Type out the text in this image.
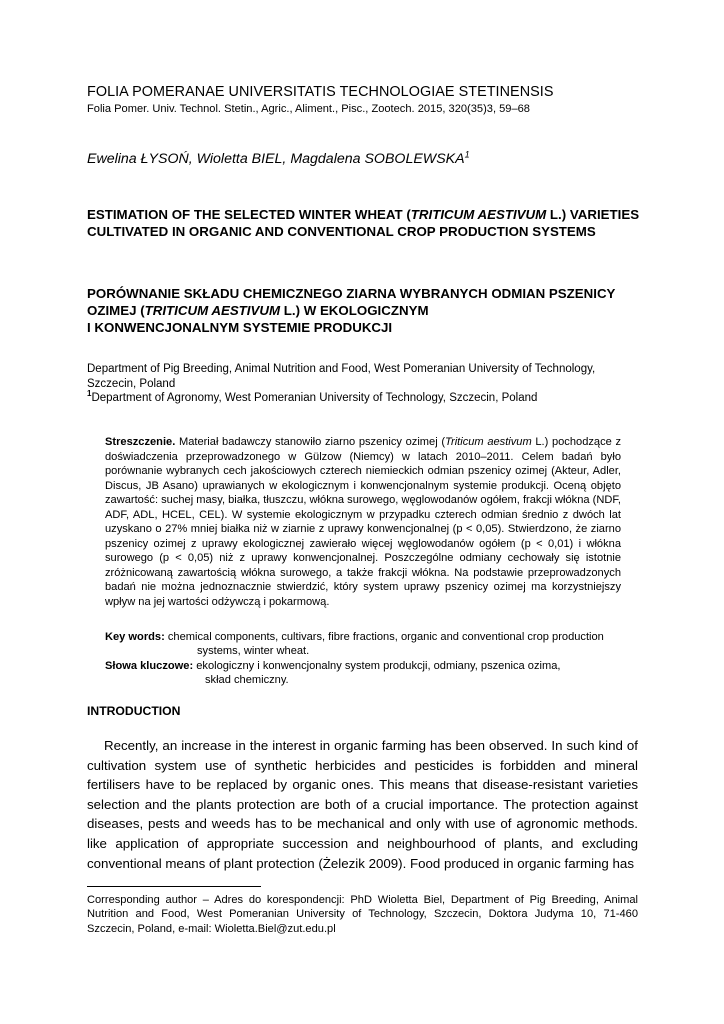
FOLIA POMERANAE UNIVERSITATIS TECHNOLOGIAE STETINENSIS
Folia Pomer. Univ. Technol. Stetin., Agric., Aliment., Pisc., Zootech. 2015, 320(35)3, 59–68
Ewelina ŁYSOŃ, Wioletta BIEL, Magdalena SOBOLEWSKA$^1$
ESTIMATION OF THE SELECTED WINTER WHEAT (TRITICUM AESTIVUM L.) VARIETIES CULTIVATED IN ORGANIC AND CONVENTIONAL CROP PRODUCTION SYSTEMS
PORÓWNANIE SKŁADU CHEMICZNEGO ZIARNA WYBRANYCH ODMIAN PSZENICY OZIMEJ (TRITICUM AESTIVUM L.) W EKOLOGICZNYM
I KONWENCJONALNYM SYSTEMIE PRODUKCJI
Department of Pig Breeding, Animal Nutrition and Food, West Pomeranian University of Technology, Szczecin, Poland
$^1$Department of Agronomy, West Pomeranian University of Technology, Szczecin, Poland
Streszczenie. Materiał badawczy stanowiło ziarno pszenicy ozimej (Triticum aestivum L.) pochodzące z doświadczenia przeprowadzonego w Gülzow (Niemcy) w latach 2010–2011. Celem badań było porównanie wybranych cech jakościowych czterech niemieckich odmian pszenicy ozimej (Akteur, Adler, Discus, JB Asano) uprawianych w ekologicznym i konwencjonalnym systemie produkcji. Oceną objęto zawartość: suchej masy, białka, tłuszczu, włókna surowego, węglowodanów ogółem, frakcji włókna (NDF, ADF, ADL, HCEL, CEL). W systemie ekologicznym w przypadku czterech odmian średnio z dwóch lat uzyskano o 27% mniej białka niż w ziarnie z uprawy konwencjonalnej (p < 0,05). Stwierdzono, że ziarno pszenicy ozimej z uprawy ekologicznej zawierało więcej węglowodanów ogółem (p < 0,01) i włókna surowego (p < 0,05) niż z uprawy konwencjonalnej. Poszczególne odmiany cechowały się istotnie zróżnicowaną zawartością włókna surowego, a także frakcji włókna. Na podstawie przeprowadzonych badań nie można jednoznacznie stwierdzić, który system uprawy pszenicy ozimej ma korzystniejszy wpływ na jej wartości odżywczą i pokarmową.
Key words: chemical components, cultivars, fibre fractions, organic and conventional crop production
systems, winter wheat.
Słowa kluczowe: ekologiczny i konwencjonalny system produkcji, odmiany, pszenica ozima,
skład chemiczny.
INTRODUCTION
Recently, an increase in the interest in organic farming has been observed. In such kind of cultivation system use of synthetic herbicides and pesticides is forbidden and mineral fertilisers have to be replaced by organic ones. This means that disease-resistant varieties selection and the plants protection are both of a crucial importance. The protection against diseases, pests and weeds has to be mechanical and only with use of agronomic methods. like application of appropriate succession and neighbourhood of plants, and excluding conventional means of plant protection (Żelezik 2009). Food produced in organic farming has
Corresponding author – Adres do korespondencji: PhD Wioletta Biel, Department of Pig Breeding, Animal Nutrition and Food, West Pomeranian University of Technology, Szczecin, Doktora Judyma 10, 71-460 Szczecin, Poland, e-mail: Wioletta.Biel@zut.edu.pl
